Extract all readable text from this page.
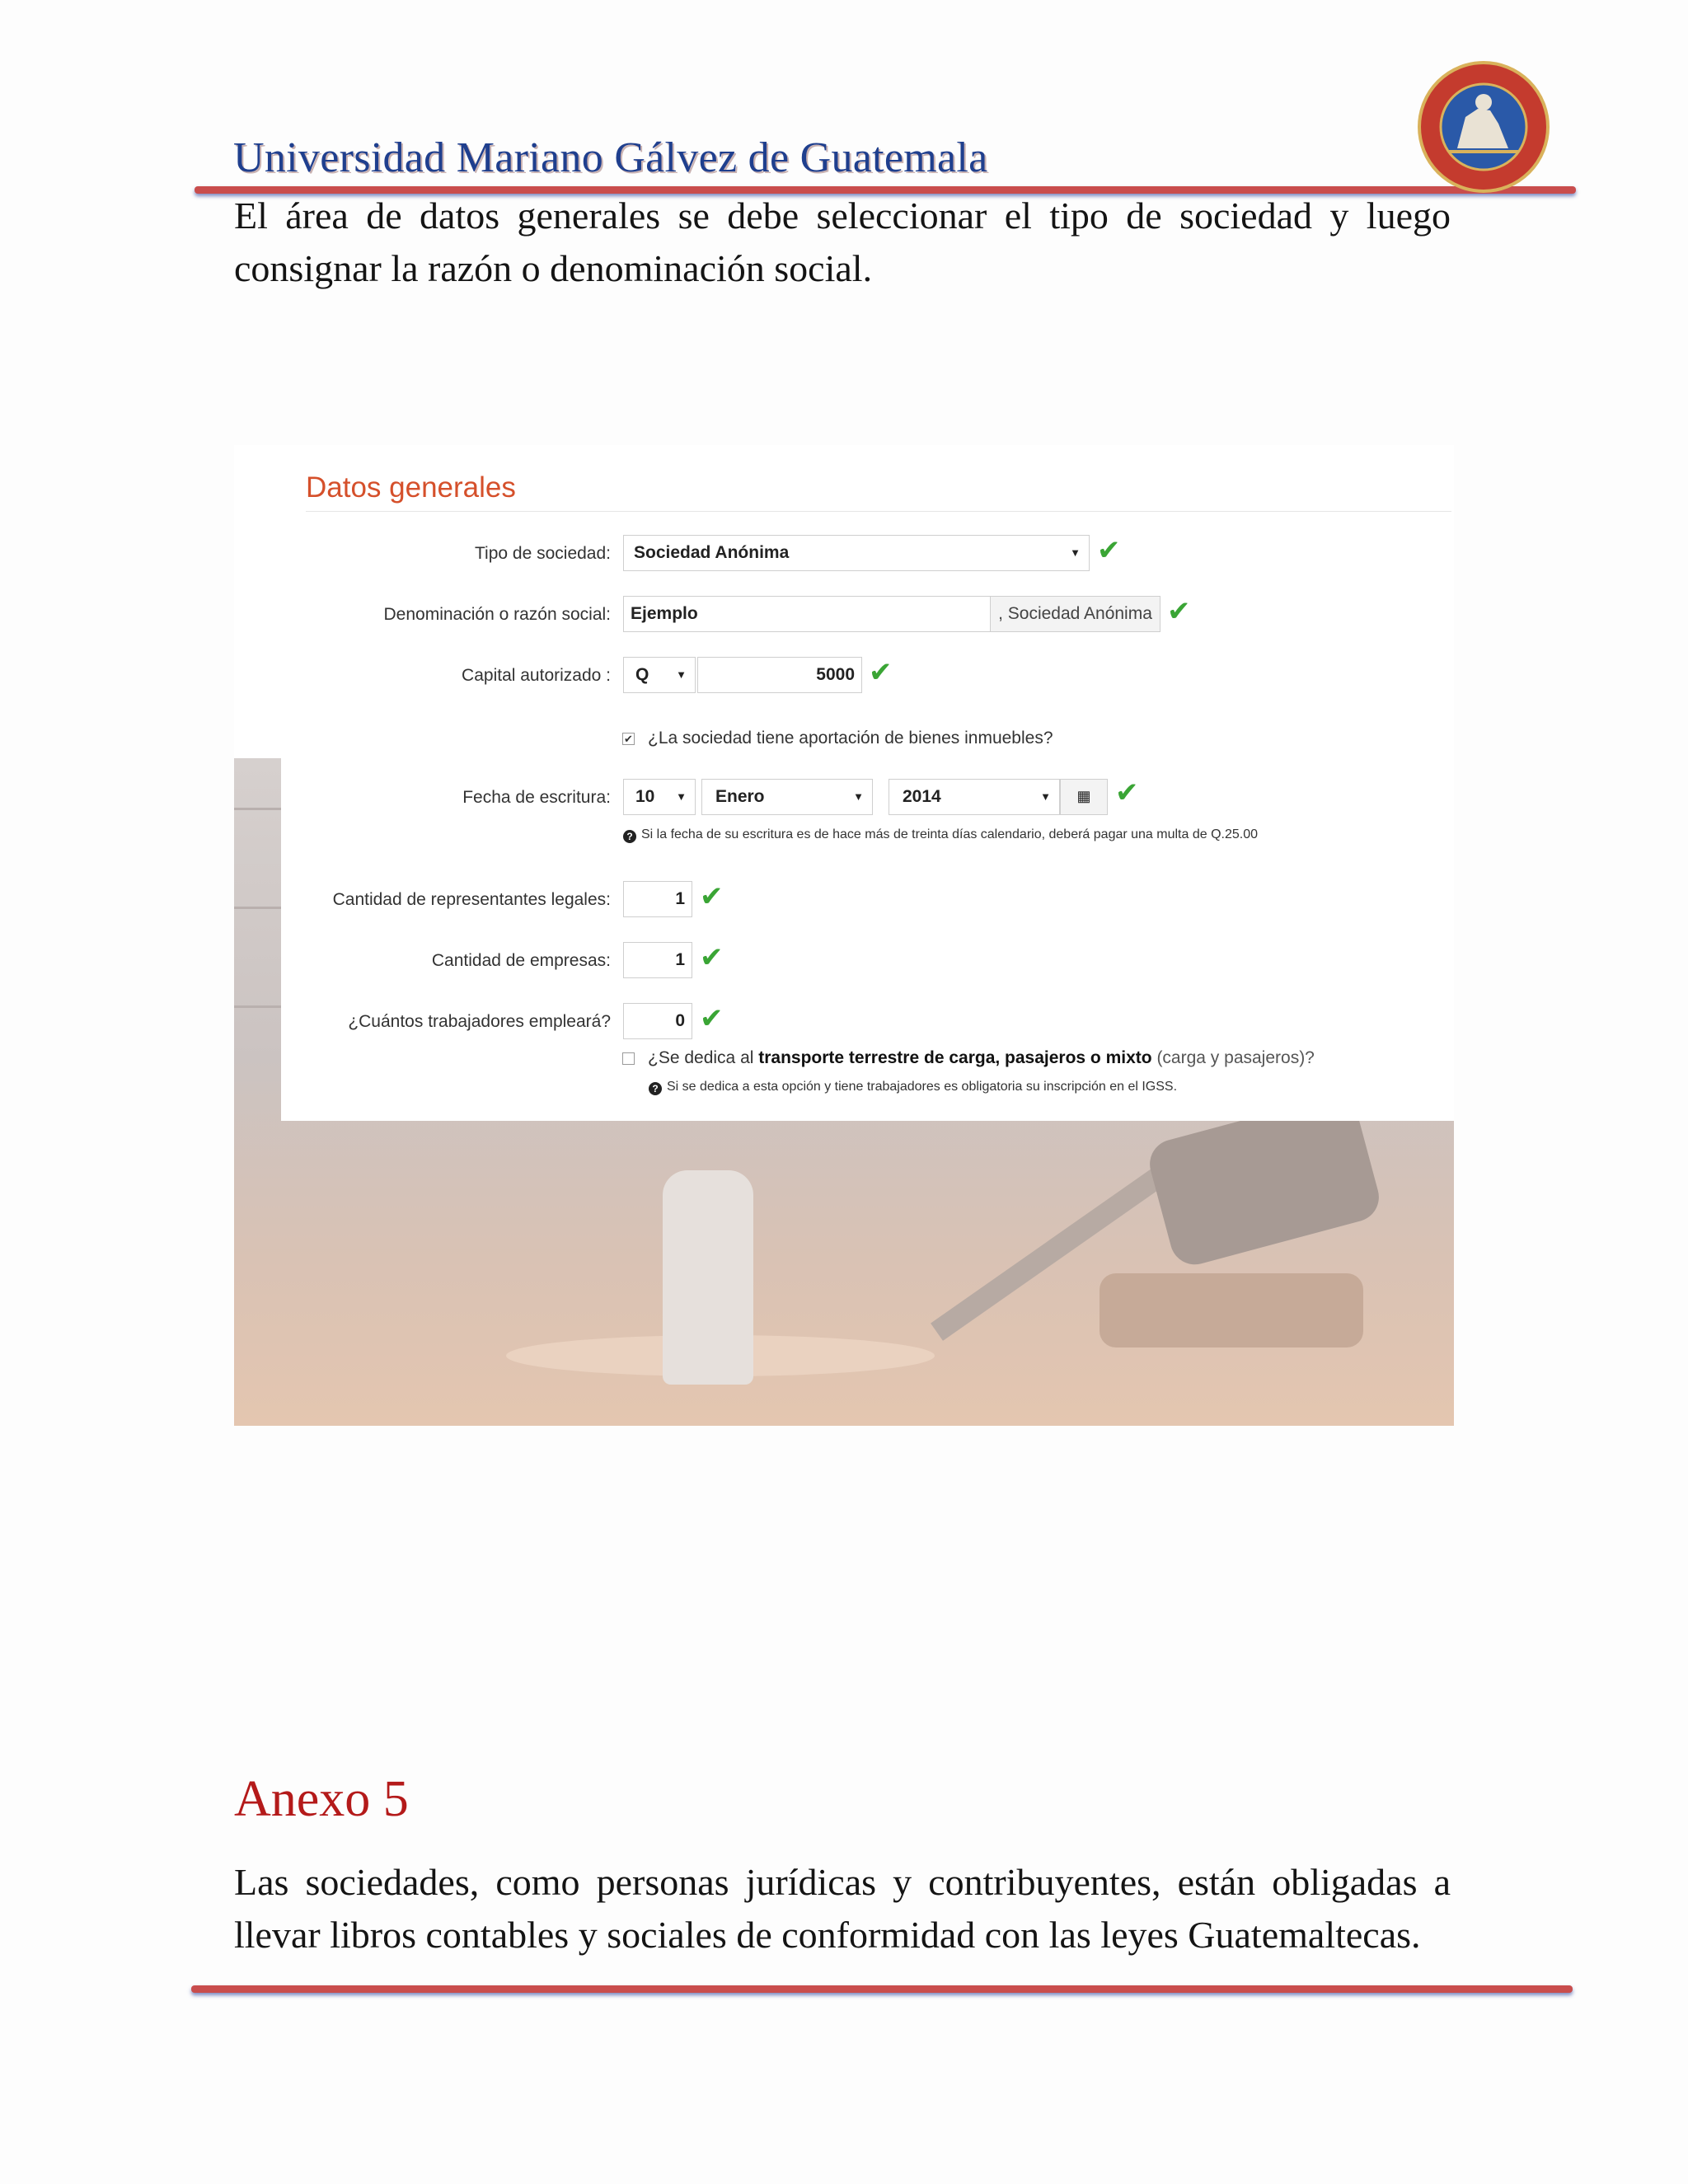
Universidad Mariano Gálvez de Guatemala
El área de datos generales se debe seleccionar el tipo de sociedad y luego consignar la razón o denominación social.
Datos generales
Tipo de sociedad: Sociedad Anónima	▼ ✔
Denominación o razón social: Ejemplo	, Sociedad Anónima ✔
Capital autorizado : Q	▼	5000 ✔
✔ ¿La sociedad tiene aportación de bienes inmuebles?
Fecha de escritura: 10 ▼ Enero	▼ 2014	▼	▦ ✔
? Si la fecha de su escritura es de hace más de treinta días calendario, deberá pagar una multa de Q.25.00
Cantidad de representantes legales:	1 ✔
Cantidad de empresas:	1 ✔
¿Cuántos trabajadores empleará?	0 ✔
¿Se dedica al transporte terrestre de carga, pasajeros o mixto (carga y pasajeros)?
? Si se dedica a esta opción y tiene trabajadores es obligatoria su inscripción en el IGSS.
Anexo 5
Las sociedades, como personas jurídicas y contribuyentes, están obligadas a llevar libros contables y sociales de conformidad con las leyes Guatemaltecas.
